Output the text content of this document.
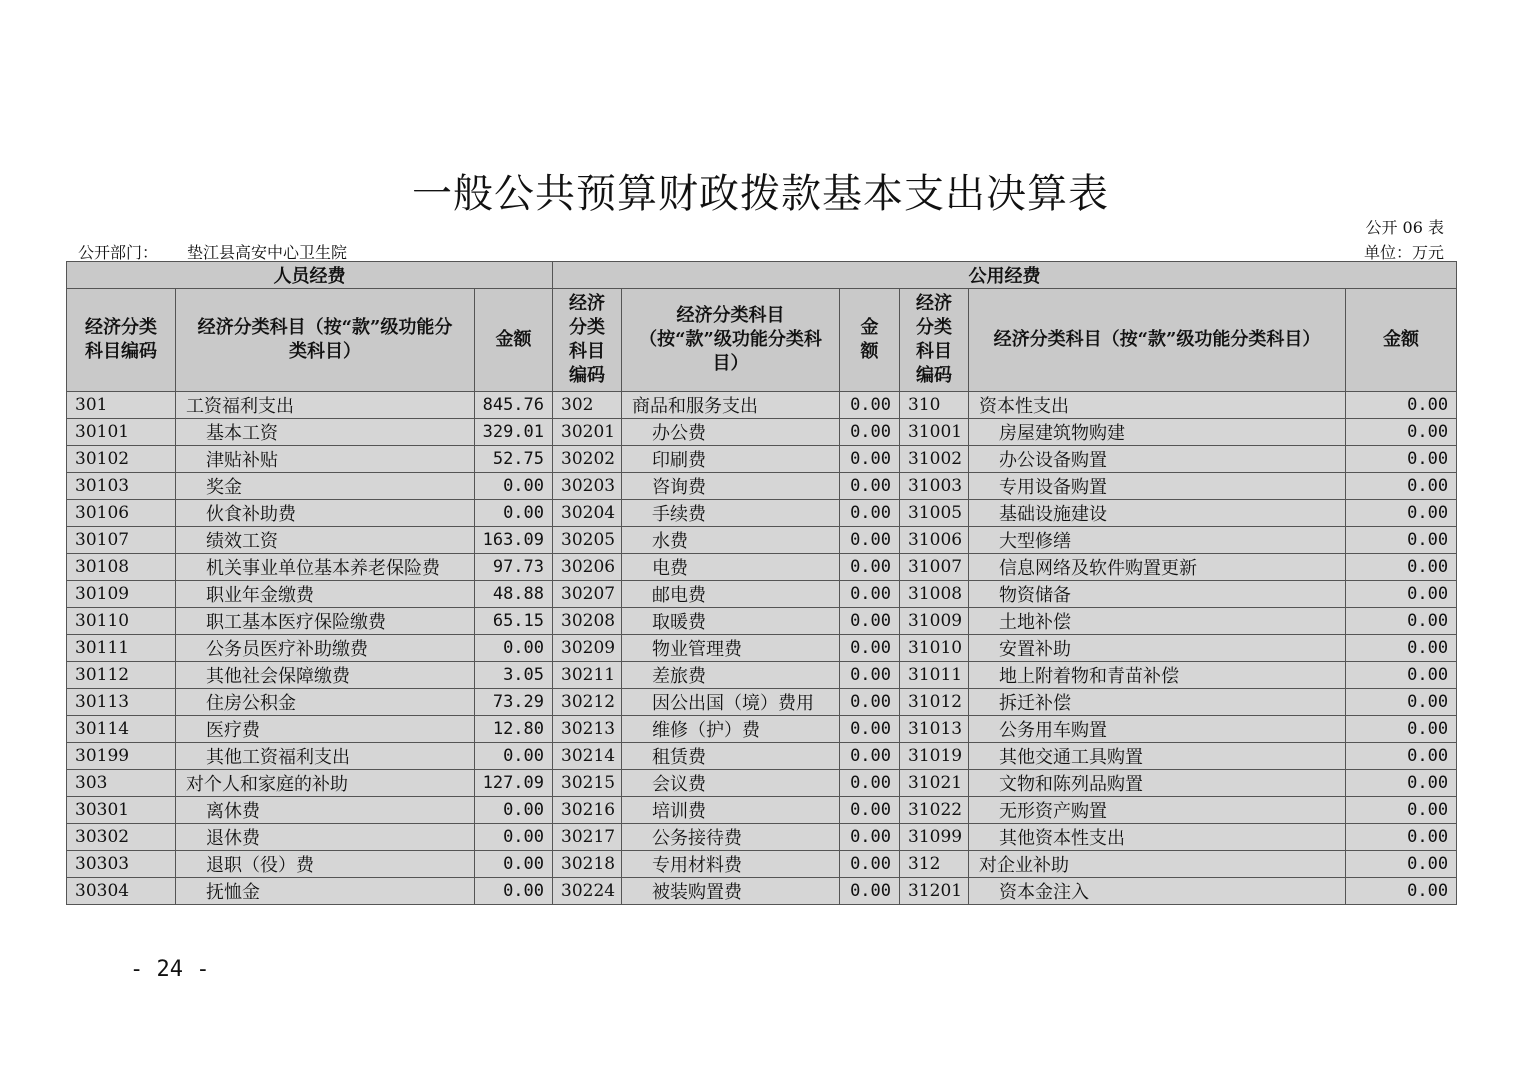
一般公共预算财政拨款基本支出决算表
公开 06 表
公开部门： 垫江县高安中心卫生院	单位：万元
人员经费			公用经费					

经济分类科目编码	经济分类科目（按“款”级功能分类科目）	金额	经济分类科目编码	经济分类科目（按“款”级功能分类科目）	金额	经济分类科目编码	经济分类科目（按“款”级功能分类科目）	金额
301	工资福利支出	845.76	302	商品和服务支出	0.00	310	资本性支出	0.00
30101	基本工资	329.01	30201	办公费	0.00	31001	房屋建筑物购建	0.00
30102	津贴补贴	52.75	30202	印刷费	0.00	31002	办公设备购置	0.00
30103	奖金	0.00	30203	咨询费	0.00	31003	专用设备购置	0.00
30106	伙食补助费	0.00	30204	手续费	0.00	31005	基础设施建设	0.00
30107	绩效工资	163.09	30205	水费	0.00	31006	大型修缮	0.00
30108	机关事业单位基本养老保险费	97.73	30206	电费	0.00	31007	信息网络及软件购置更新	0.00
30109	职业年金缴费	48.88	30207	邮电费	0.00	31008	物资储备	0.00
30110	职工基本医疗保险缴费	65.15	30208	取暖费	0.00	31009	土地补偿	0.00
30111	公务员医疗补助缴费	0.00	30209	物业管理费	0.00	31010	安置补助	0.00
30112	其他社会保障缴费	3.05	30211	差旅费	0.00	31011	地上附着物和青苗补偿	0.00
30113	住房公积金	73.29	30212	因公出国（境）费用	0.00	31012	拆迁补偿	0.00
30114	医疗费	12.80	30213	维修（护）费	0.00	31013	公务用车购置	0.00
30199	其他工资福利支出	0.00	30214	租赁费	0.00	31019	其他交通工具购置	0.00
303	对个人和家庭的补助	127.09	30215	会议费	0.00	31021	文物和陈列品购置	0.00
30301	离休费	0.00	30216	培训费	0.00	31022	无形资产购置	0.00
30302	退休费	0.00	30217	公务接待费	0.00	31099	其他资本性支出	0.00
30303	退职（役）费	0.00	30218	专用材料费	0.00	312	对企业补助	0.00
30304	抚恤金	0.00	30224	被装购置费	0.00	31201	资本金注入	0.00
- 24 -
